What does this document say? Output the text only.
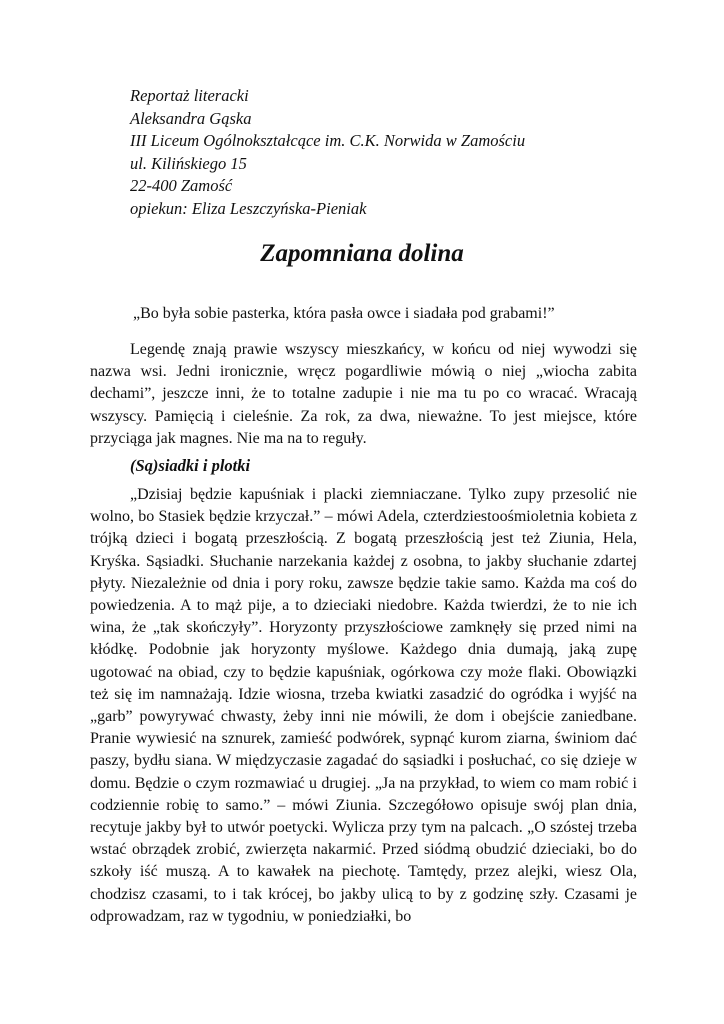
Reportaż literacki
Aleksandra Gąska
III Liceum Ogólnokształcące im. C.K. Norwida w Zamościu
ul. Kilińskiego 15
22-400 Zamość
opiekun: Eliza Leszczyńska-Pieniak
Zapomniana dolina
„Bo była sobie pasterka, która pasła owce i siadała pod grabami!”

Legendę znają prawie wszyscy mieszkańcy, w końcu od niej wywodzi się nazwa wsi. Jedni ironicznie, wręcz pogardliwie mówią o niej „wiocha zabita dechami”, jeszcze inni, że to totalne zadupie i nie ma tu po co wracać. Wracają wszyscy. Pamięcią i cieleśnie. Za rok, za dwa, nieważne. To jest miejsce, które przyciąga jak magnes. Nie ma na to reguły.

(Są)siadki i plotki

„Dzisiaj będzie kapuśniak i placki ziemniaczane. Tylko zupy przesolić nie wolno, bo Stasiek będzie krzyczał.” – mówi Adela, czterdziestoośmioletnia kobieta z trójką dzieci i bogatą przeszłością. Z bogatą przeszłością jest też Ziunia, Hela, Kryśka. Sąsiadki. Słuchanie narzekania każdej z osobna, to jakby słuchanie zdartej płyty. Niezależnie od dnia i pory roku, zawsze będzie takie samo. Każda ma coś do powiedzenia. A to mąż pije, a to dzieciaki niedobre. Każda twierdzi, że to nie ich wina, że „tak skończyły”. Horyzonty przyszłościowe zamknęły się przed nimi na kłódkę. Podobnie jak horyzonty myślowe. Każdego dnia dumają, jaką zupę ugotować na obiad, czy to będzie kapuśniak, ogórkowa czy może flaki. Obowiązki też się im namnażają. Idzie wiosna, trzeba kwiatki zasadzić do ogródka i wyjść na „garb” powyrywać chwasty, żeby inni nie mówili, że dom i obejście zaniedbane. Pranie wywiesić na sznurek, zamieść podwórek, sypnąć kurom ziarna, świniom dać paszy, bydłu siana. W międzyczasie zagadać do sąsiadki i posłuchać, co się dzieje w domu. Będzie o czym rozmawiać u drugiej. „Ja na przykład, to wiem co mam robić i codziennie robię to samo.” – mówi Ziunia. Szczegółowo opisuje swój plan dnia, recytuje jakby był to utwór poetycki. Wylicza przy tym na palcach. „O szóstej trzeba wstać obrządek zrobić, zwierzęta nakarmić. Przed siódmą obudzić dzieciaki, bo do szkoły iść muszą. A to kawałek na piechotę. Tamtędy, przez alejki, wiesz Ola, chodzisz czasami, to i tak krócej, bo jakby ulicą to by z godzinę szły. Czasami je odprowadzam, raz w tygodniu, w poniedziałki, bo
